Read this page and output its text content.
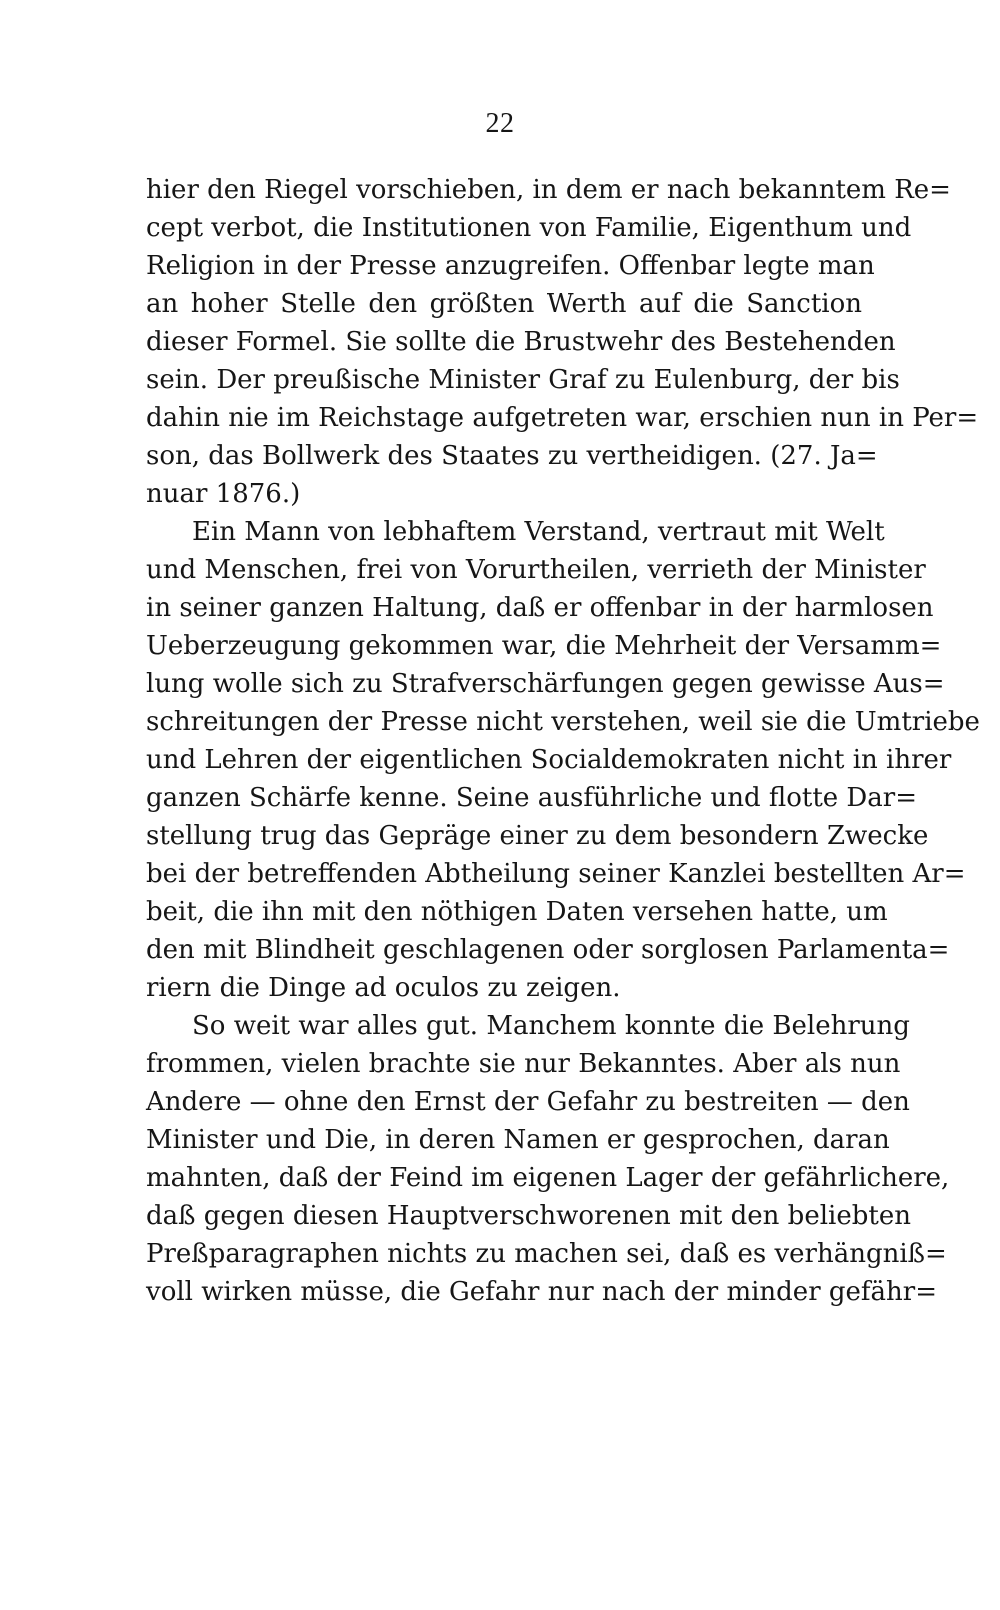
22
hier den Riegel vorschieben, in dem er nach bekanntem Re=
cept verbot, die Institutionen von Familie, Eigenthum und
Religion in der Presse anzugreifen. Offenbar legte man
an hoher Stelle den größten Werth auf die Sanction
dieser Formel. Sie sollte die Brustwehr des Bestehenden
sein. Der preußische Minister Graf zu Eulenburg, der bis
dahin nie im Reichstage aufgetreten war, erschien nun in Per=
son, das Bollwerk des Staates zu vertheidigen. (27. Ja=
nuar 1876.)
Ein Mann von lebhaftem Verstand, vertraut mit Welt
und Menschen, frei von Vorurtheilen, verrieth der Minister
in seiner ganzen Haltung, daß er offenbar in der harmlosen
Ueberzeugung gekommen war, die Mehrheit der Versamm=
lung wolle sich zu Strafverschärfungen gegen gewisse Aus=
schreitungen der Presse nicht verstehen, weil sie die Umtriebe
und Lehren der eigentlichen Socialdemokraten nicht in ihrer
ganzen Schärfe kenne. Seine ausführliche und flotte Dar=
stellung trug das Gepräge einer zu dem besondern Zwecke
bei der betreffenden Abtheilung seiner Kanzlei bestellten Ar=
beit, die ihn mit den nöthigen Daten versehen hatte, um
den mit Blindheit geschlagenen oder sorglosen Parlamenta=
riern die Dinge ad oculos zu zeigen.
So weit war alles gut. Manchem konnte die Belehrung
frommen, vielen brachte sie nur Bekanntes. Aber als nun
Andere — ohne den Ernst der Gefahr zu bestreiten — den
Minister und Die, in deren Namen er gesprochen, daran
mahnten, daß der Feind im eigenen Lager der gefährlichere,
daß gegen diesen Hauptverschworenen mit den beliebten
Preßparagraphen nichts zu machen sei, daß es verhängniß=
voll wirken müsse, die Gefahr nur nach der minder gefähr=
